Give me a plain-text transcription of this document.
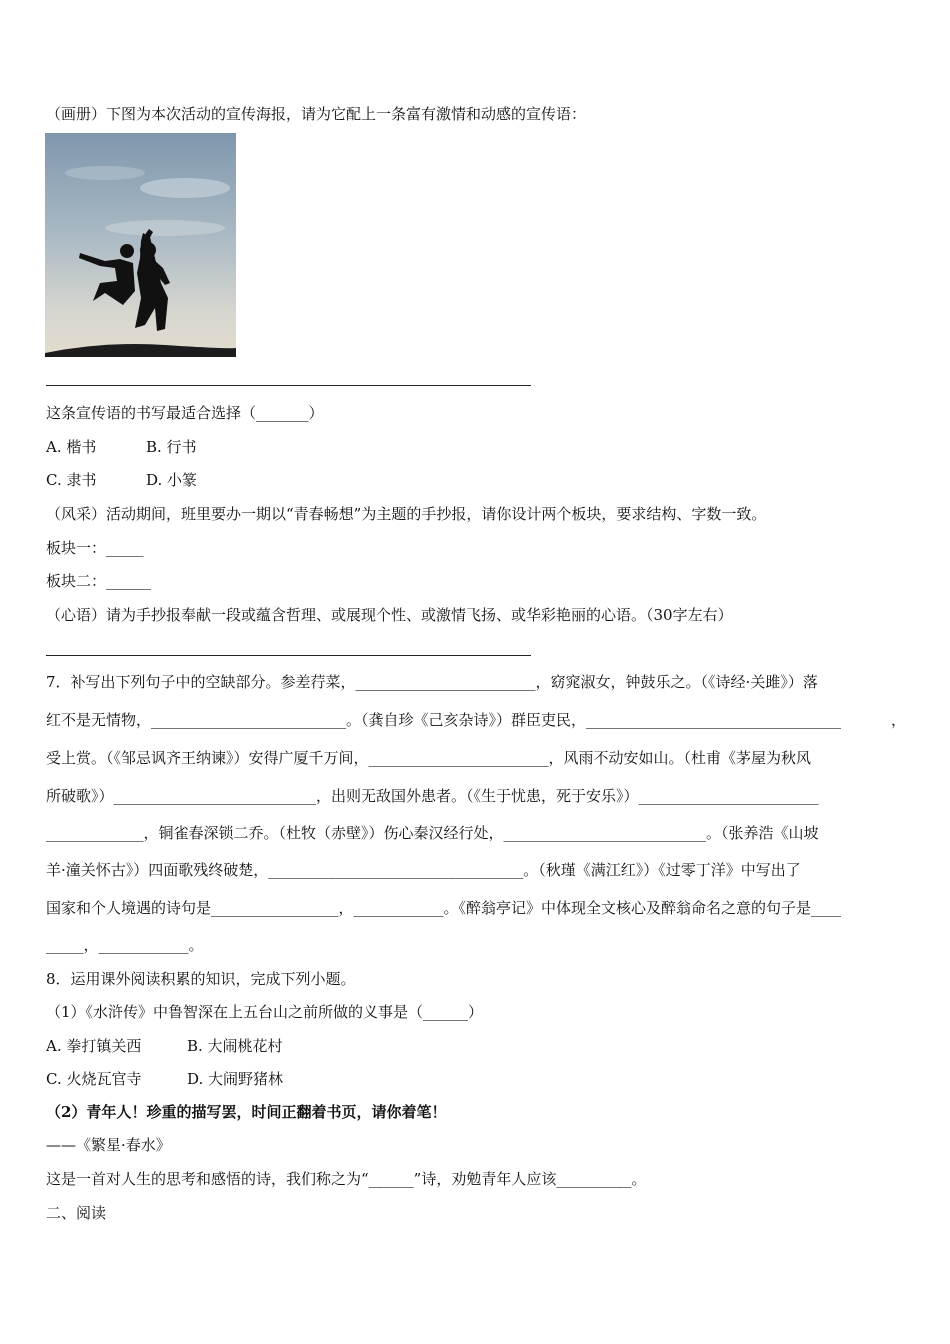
（画册）下图为本次活动的宣传海报，请为它配上一条富有激情和动感的宣传语：
这条宣传语的书写最适合选择（_______）
A. 楷书	B. 行书
C. 隶书	D. 小篆
（风采）活动期间，班里要办一期以“青春畅想”为主题的手抄报，请你设计两个板块，要求结构、字数一致。
板块一：_____
板块二：______
（心语）请为手抄报奉献一段或蕴含哲理、或展现个性、或激情飞扬、或华彩艳丽的心语。（30字左右）
7．补写出下列句子中的空缺部分。参差荇菜，________________________，窈窕淑女，钟鼓乐之。（《诗经·关雎》）落
红不是无情物，__________________________。（龚自珍《己亥杂诗》）群臣吏民，__________________________________	，
受上赏。（《邹忌讽齐王纳谏》）安得广厦千万间，________________________，风雨不动安如山。（杜甫《茅屋为秋风
所破歌》）___________________________，出则无敌国外患者。（《生于忧患，死于安乐》）________________________
_____________，铜雀春深锁二乔。（杜牧（赤壁》）伤心秦汉经行处，___________________________。（张养浩《山坡
羊·潼关怀古》）四面歌残终破楚，__________________________________。（秋瑾《满江红》）《过零丁洋》中写出了
国家和个人境遇的诗句是_________________，____________。《醉翁亭记》中体现全文核心及醉翁命名之意的句子是____
_____，____________。
8．运用课外阅读积累的知识，完成下列小题。
（1）《水浒传》中鲁智深在上五台山之前所做的义事是（______）
A. 拳打镇关西	B. 大闹桃花村
C. 火烧瓦官寺	D. 大闹野猪林
（2）青年人！珍重的描写罢，时间正翻着书页，请你着笔！
——《繁星·春水》
这是一首对人生的思考和感悟的诗，我们称之为“______”诗，劝勉青年人应该__________。
二、阅读
